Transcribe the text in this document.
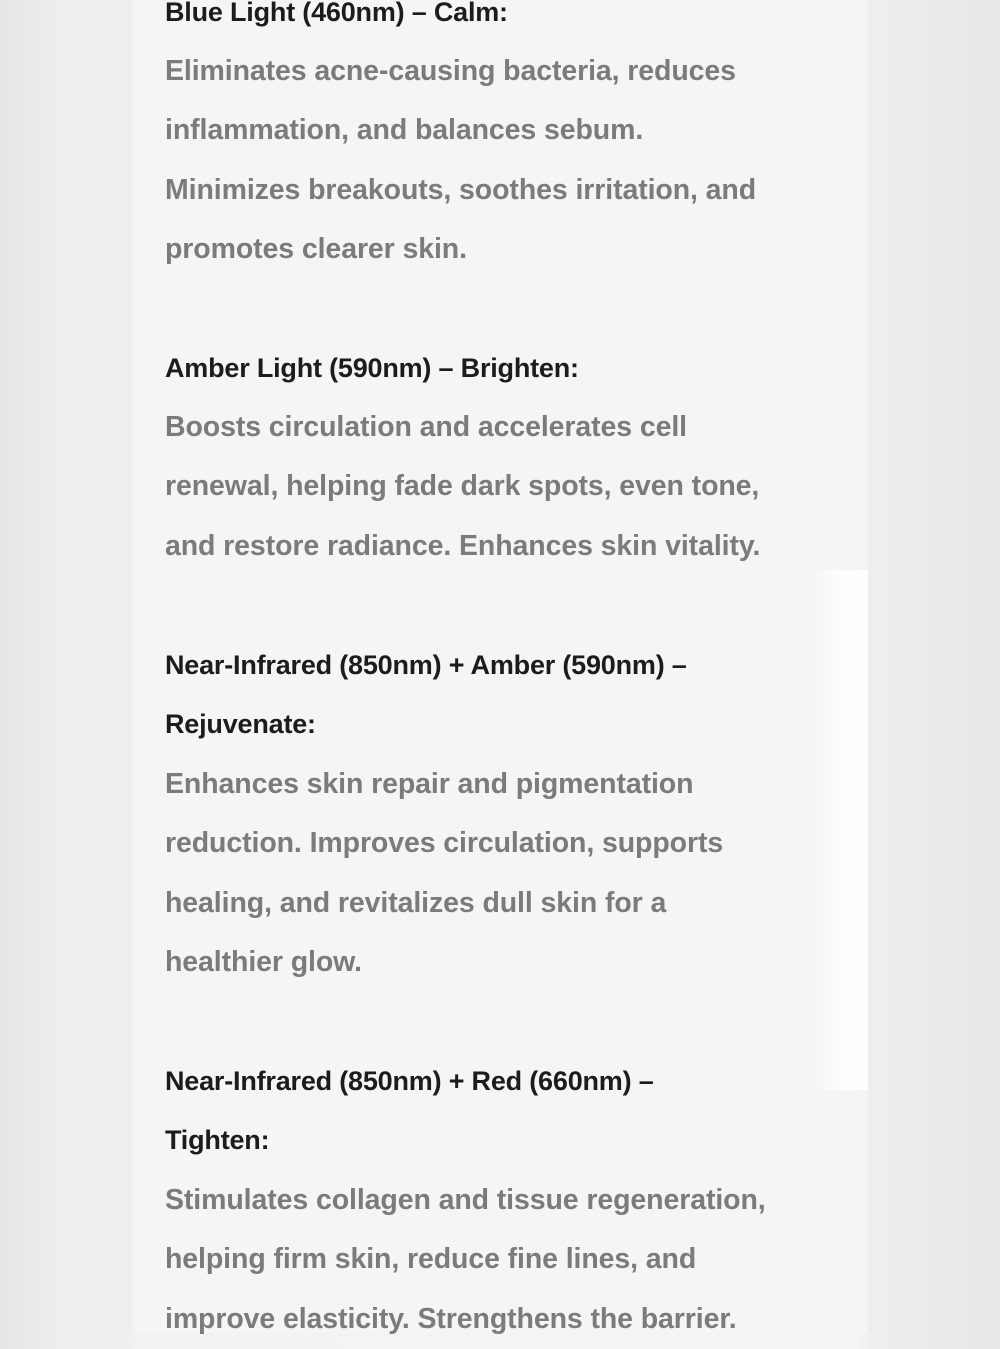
Blue Light (460nm) – Calm:
Eliminates acne-causing bacteria, reduces
inflammation, and balances sebum.
Minimizes breakouts, soothes irritation, and
promotes clearer skin.
Amber Light (590nm) – Brighten:
Boosts circulation and accelerates cell
renewal, helping fade dark spots, even tone,
and restore radiance. Enhances skin vitality.
Near-Infrared (850nm) + Amber (590nm) –
Rejuvenate:
Enhances skin repair and pigmentation
reduction. Improves circulation, supports
healing, and revitalizes dull skin for a
healthier glow.
Near-Infrared (850nm) + Red (660nm) –
Tighten:
Stimulates collagen and tissue regeneration,
helping firm skin, reduce fine lines, and
improve elasticity. Strengthens the barrier.
